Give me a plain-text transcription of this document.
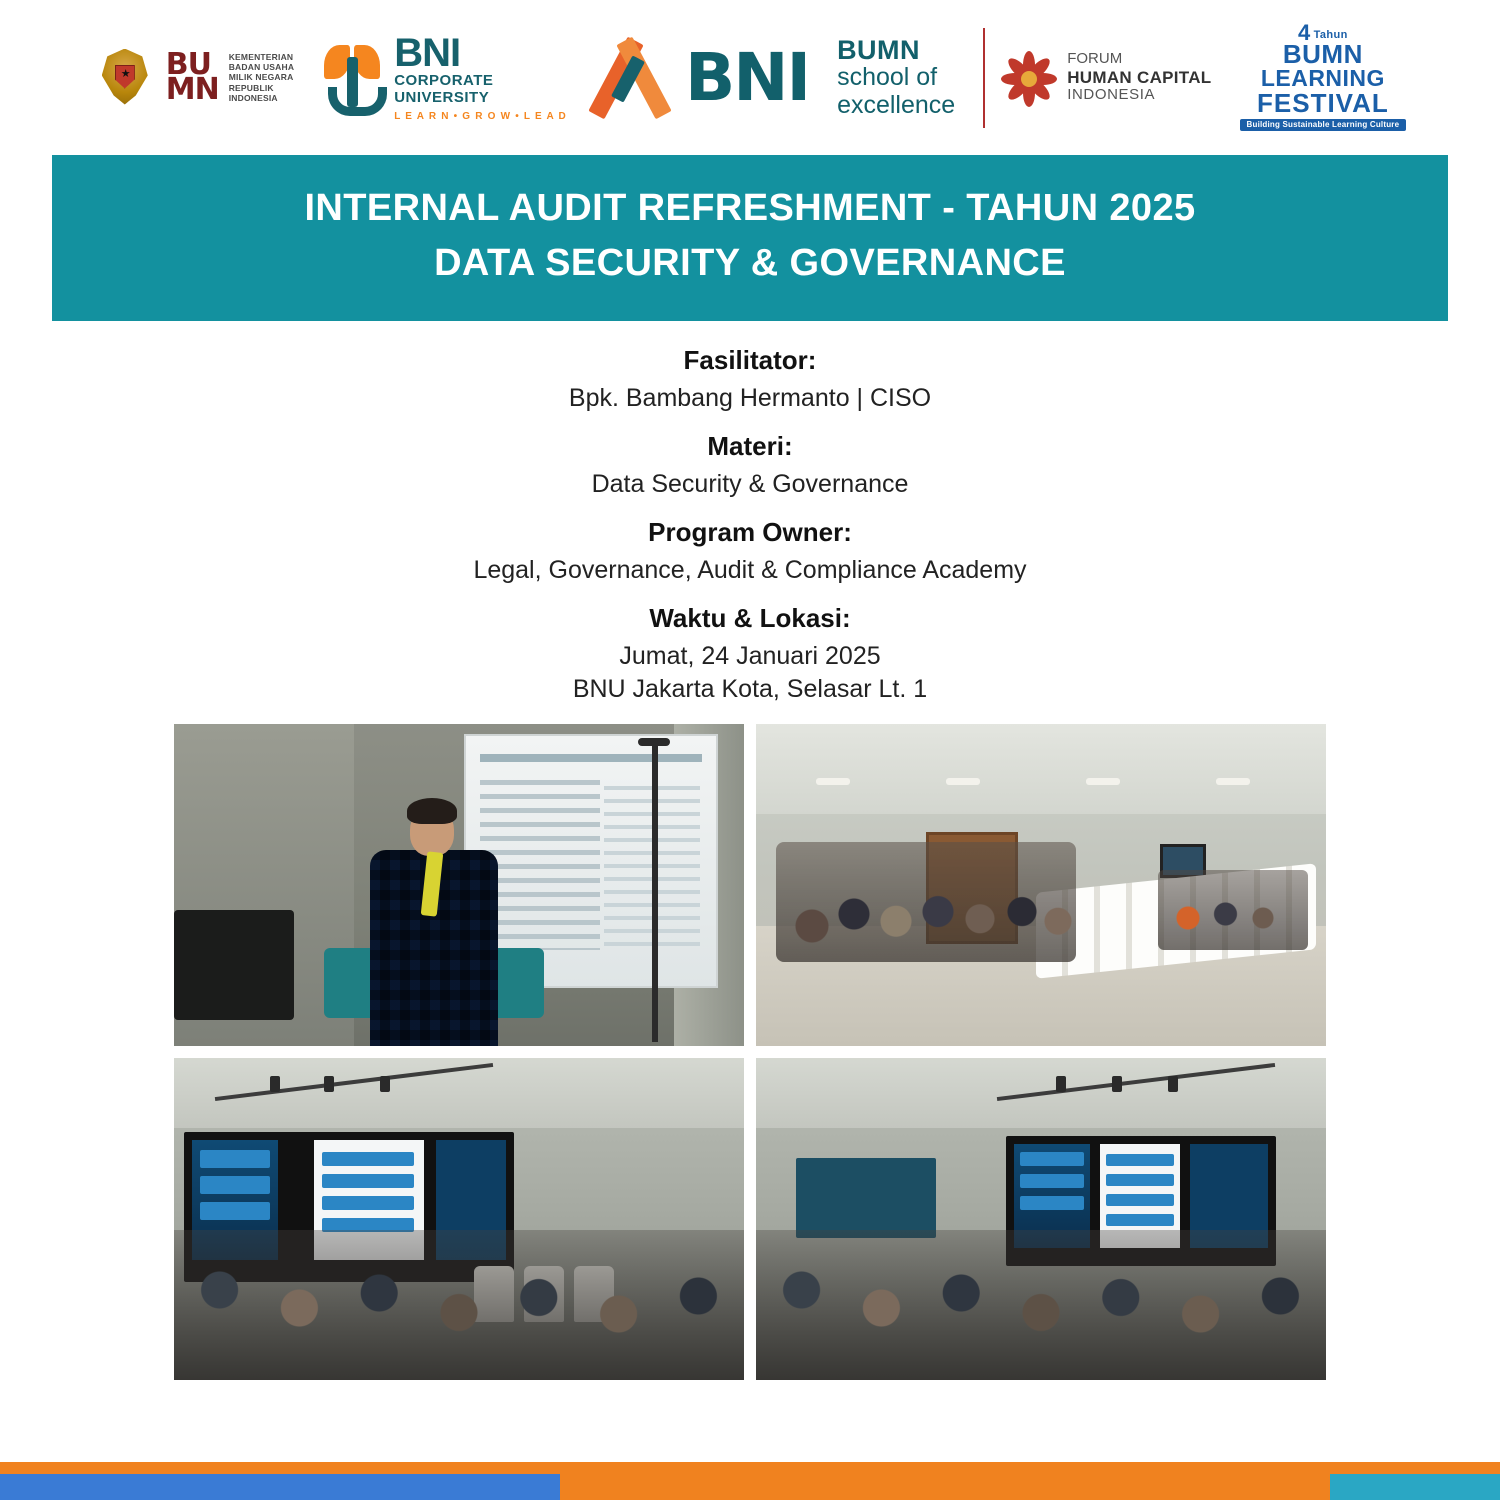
★ BU
MN
KEMENTERIAN
BADAN USAHA
MILIK NEGARA
REPUBLIK
INDONESIA
BNI
CORPORATE
UNIVERSITY
L E A R N • G R O W • L E A D
BNI BUMN
school of
excellence
FORUM
HUMAN CAPITAL
INDONESIA
4 Tahun
BUMN
LEARNING
FESTIVAL
Building Sustainable Learning Culture
INTERNAL AUDIT REFRESHMENT - TAHUN 2025
DATA SECURITY & GOVERNANCE
Fasilitator:
Bpk. Bambang Hermanto | CISO
Materi:
Data Security & Governance
Program Owner:
Legal, Governance, Audit & Compliance Academy
Waktu & Lokasi:
Jumat, 24 Januari 2025
BNU Jakarta Kota, Selasar Lt. 1
